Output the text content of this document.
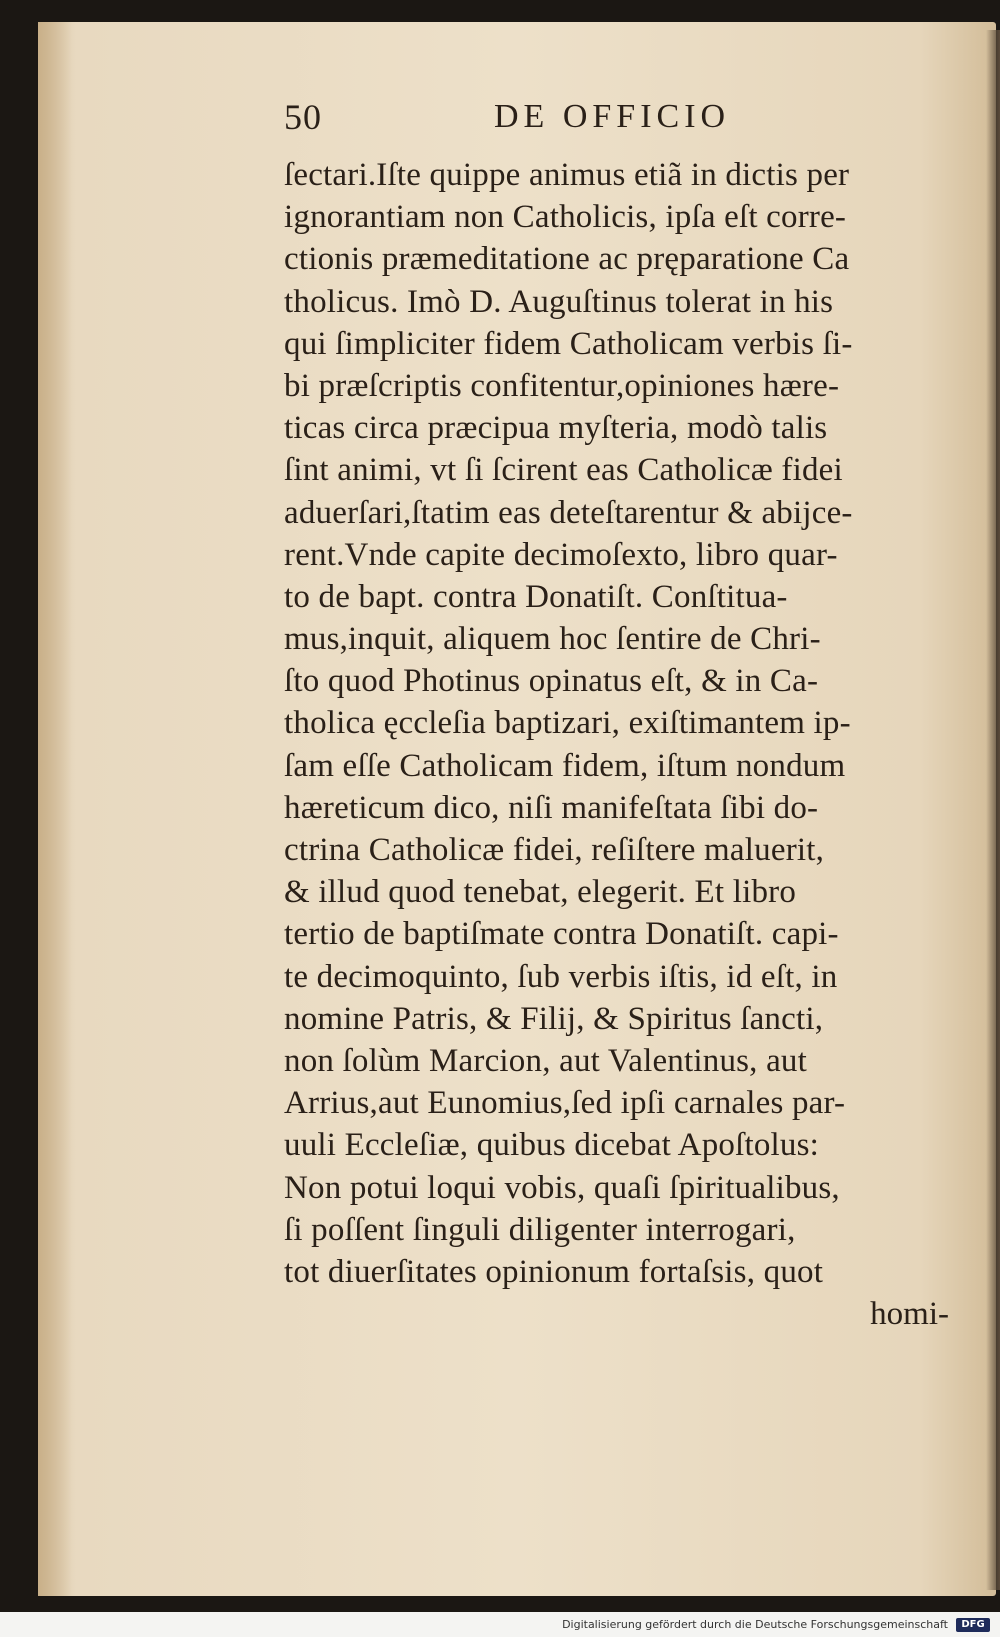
50	DE OFFICIO
ſectari.Iſte quippe animus etiã in dictis per
ignorantiam non Catholicis, ipſa eſt corre-
ctionis præmeditatione ac pręparatione Ca
tholicus. Imò D. Auguſtinus tolerat in his
qui ſimpliciter fidem Catholicam verbis ſi-
bi præſcriptis confitentur,opiniones hære-
ticas circa præcipua myſteria, modò talis
ſint animi, vt ſi ſcirent eas Catholicæ fidei
aduerſari,ſtatim eas deteſtarentur & abijce-
rent.Vnde capite decimoſexto, libro quar-
to de bapt. contra Donatiſt. Conſtitua-
mus,inquit, aliquem hoc ſentire de Chri-
ſto quod Photinus opinatus eſt, & in Ca-
tholica ęccleſia baptizari, exiſtimantem ip-
ſam eſſe Catholicam fidem, iſtum nondum
hæreticum dico, niſi manifeſtata ſibi do-
ctrina Catholicæ fidei, reſiſtere maluerit,
& illud quod tenebat, elegerit. Et libro
tertio de baptiſmate contra Donatiſt. capi-
te decimoquinto, ſub verbis iſtis, id eſt, in
nomine Patris, & Filij, & Spiritus ſancti,
non ſolùm Marcion, aut Valentinus, aut
Arrius,aut Eunomius,ſed ipſi carnales par-
uuli Eccleſiæ, quibus dicebat Apoſtolus:
Non potui loqui vobis, quaſi ſpiritualibus,
ſi poſſent ſinguli diligenter interrogari,
tot diuerſitates opinionum fortaſsis, quot
homi-
Digitalisierung gefördert durch die Deutsche Forschungsgemeinschaft	DFG
